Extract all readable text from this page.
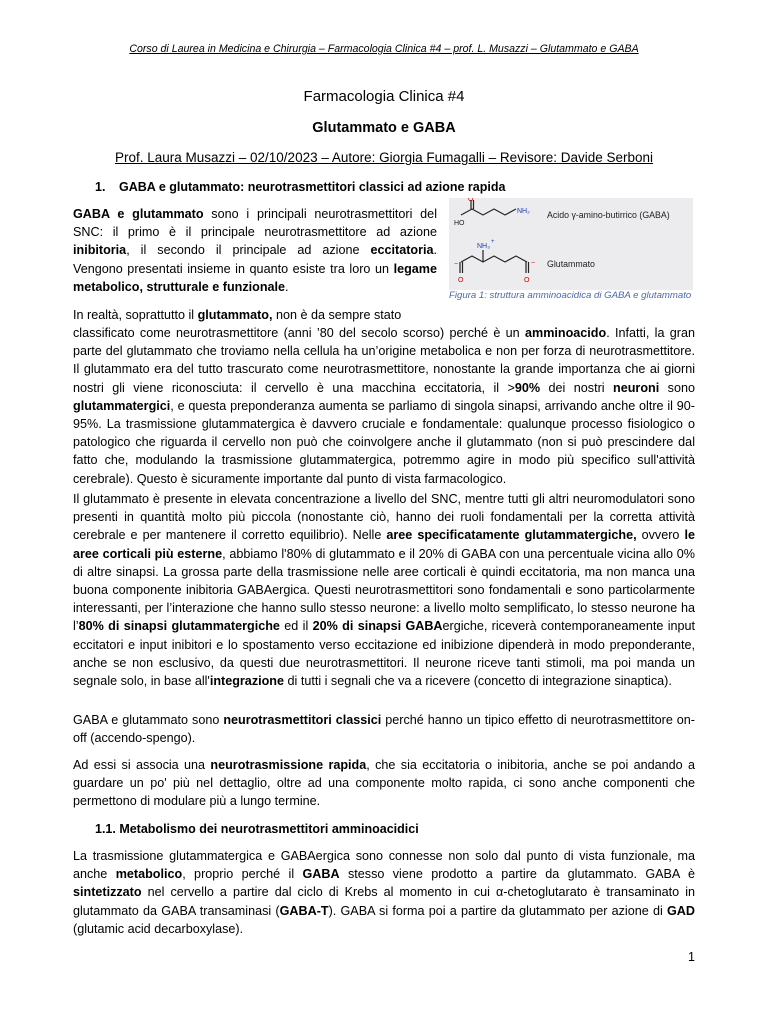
Corso di Laurea in Medicina e Chirurgia – Farmacologia Clinica #4 – prof. L. Musazzi – Glutammato e GABA
Farmacologia Clinica #4
Glutammato e GABA
Prof. Laura Musazzi – 02/10/2023 – Autore: Giorgia Fumagalli – Revisore: Davide Serboni
1. GABA e glutammato: neurotrasmettitori classici ad azione rapida
GABA e glutammato sono i principali neurotrasmettitori del SNC: il primo è il principale neurotrasmettitore ad azione inibitoria, il secondo il principale ad azione eccitatoria. Vengono presentati insieme in quanto esiste tra loro un legame metabolico, strutturale e funzionale.
HO
O
NH₂ Acido γ-amino-butirrico (GABA)
NH₃
+
−
O	O
− Glutammato
Figura 1: struttura amminoacidica di GABA e glutammato
In realtà, soprattutto il glutammato, non è da sempre stato
classificato come neurotrasmettitore (anni ’80 del secolo scorso) perché è un amminoacido. Infatti, la gran parte del glutammato che troviamo nella cellula ha un’origine metabolica e non per forza di neurotrasmettitore. Il glutammato era del tutto trascurato come neurotrasmettitore, nonostante la grande importanza che ai giorni nostri gli viene riconosciuta: il cervello è una macchina eccitatoria, il >90% dei nostri neuroni sono glutammatergici, e questa preponderanza aumenta se parliamo di singola sinapsi, arrivando anche oltre il 90-95%. La trasmissione glutammatergica è davvero cruciale e fondamentale: qualunque processo fisiologico o patologico che riguarda il cervello non può che coinvolgere anche il glutammato (non si può prescindere dal fatto che, modulando la trasmissione glutammatergica, potremmo agire in modo più specifico sull'attività cerebrale). Questo è sicuramente importante dal punto di vista farmacologico.
Il glutammato è presente in elevata concentrazione a livello del SNC, mentre tutti gli altri neuromodulatori sono presenti in quantità molto più piccola (nonostante ciò, hanno dei ruoli fondamentali per la corretta attività cerebrale e per mantenere il corretto equilibrio). Nelle aree specificatamente glutammatergiche, ovvero le aree corticali più esterne, abbiamo l'80% di glutammato e il 20% di GABA con una percentuale vicina allo 0% di altre sinapsi. La grossa parte della trasmissione nelle aree corticali è quindi eccitatoria, ma non manca una buona componente inibitoria GABAergica. Questi neurotrasmettitori sono fondamentali e sono particolarmente interessanti, per l’interazione che hanno sullo stesso neurone: a livello molto semplificato, lo stesso neurone ha l’80% di sinapsi glutammatergiche ed il 20% di sinapsi GABAergiche, riceverà contemporaneamente input eccitatori e input inibitori e lo spostamento verso eccitazione ed inibizione dipenderà in modo preponderante, anche se non esclusivo, da questi due neurotrasmettitori. Il neurone riceve tanti stimoli, ma poi manda un segnale solo, in base all'integrazione di tutti i segnali che va a ricevere (concetto di integrazione sinaptica).
GABA e glutammato sono neurotrasmettitori classici perché hanno un tipico effetto di neurotrasmettitore on-off (accendo-spengo).
Ad essi si associa una neurotrasmissione rapida, che sia eccitatoria o inibitoria, anche se poi andando a guardare un po' più nel dettaglio, oltre ad una componente molto rapida, ci sono anche componenti che permettono di modulare più a lungo termine.
1.1. Metabolismo dei neurotrasmettitori amminoacidici
La trasmissione glutammatergica e GABAergica sono connesse non solo dal punto di vista funzionale, ma anche metabolico, proprio perché il GABA stesso viene prodotto a partire da glutammato. GABA è sintetizzato nel cervello a partire dal ciclo di Krebs al momento in cui α-chetoglutarato è transaminato in glutammato da GABA transaminasi (GABA-T). GABA si forma poi a partire da glutammato per azione di GAD (glutamic acid decarboxylase).
1
